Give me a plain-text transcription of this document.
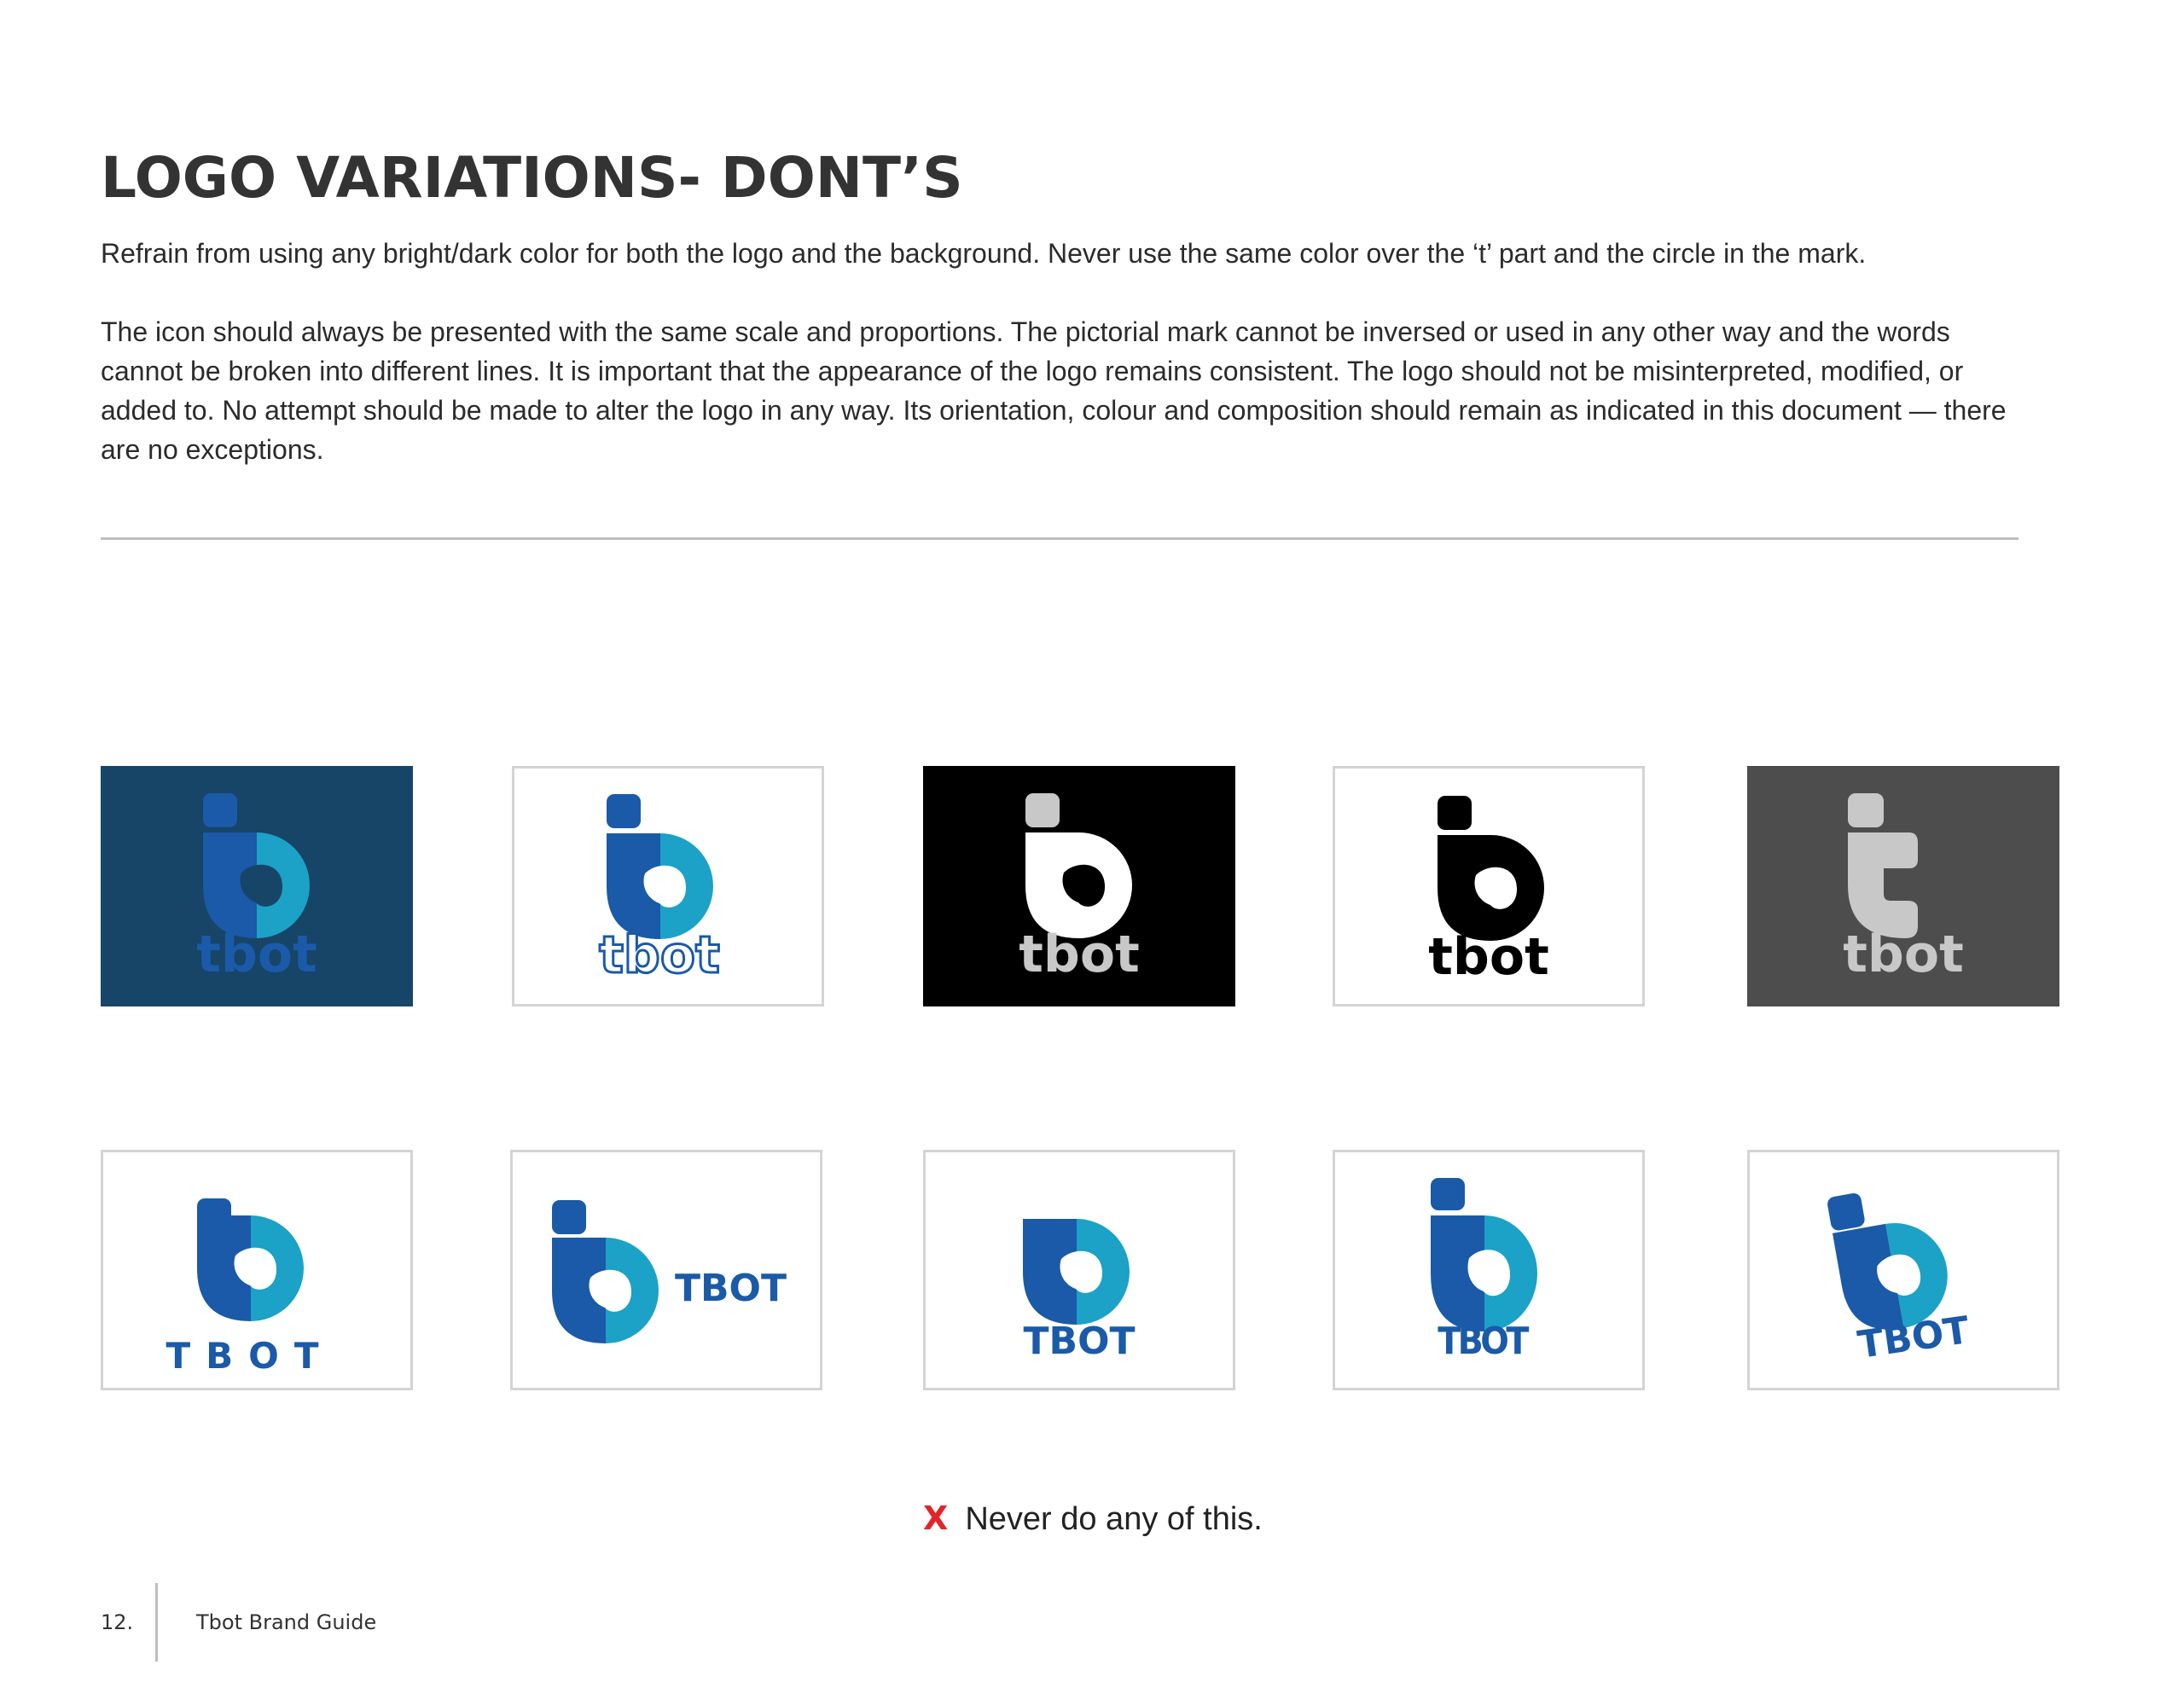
LOGO VARIATIONS- DONT’S

Refrain from using any bright/dark color for both the logo and the background. Never use the same color over the ‘t’ part and the circle in the mark.

The icon should always be presented with the same scale and proportions. The pictorial mark cannot be inversed or used in any other way and the words cannot be broken into different lines. It is important that the appearance of the logo remains consistent. The logo should not be misinterpreted, modified, or added to. No attempt should be made to alter the logo in any way. Its orientation, colour and composition should remain as indicated in this document — there are no exceptions.

tbot	tbot	tbot	tbot	tbot
TBOT
TBOT
TBOT	TBOT	TBOT
X Never do any of this.
12.	Tbot Brand Guide
